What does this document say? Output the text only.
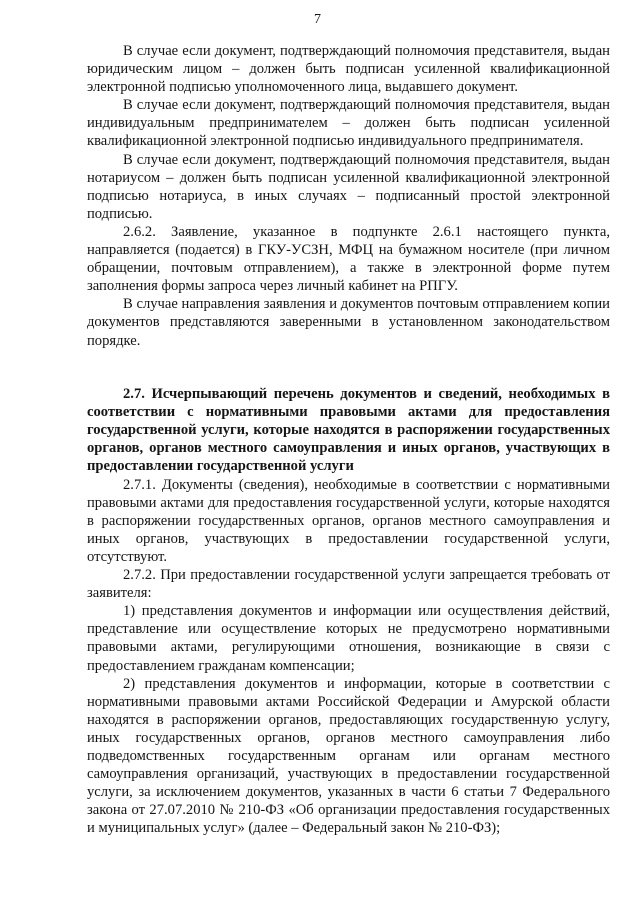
7

В случае если документ, подтверждающий полномочия представителя, выдан юридическим лицом – должен быть подписан усиленной квалификационной электронной подписью уполномоченного лица, выдавшего документ.

В случае если документ, подтверждающий полномочия представителя, выдан индивидуальным предпринимателем – должен быть подписан усиленной квалификационной электронной подписью индивидуального предпринимателя.

В случае если документ, подтверждающий полномочия представителя, выдан нотариусом – должен быть подписан усиленной квалификационной электронной подписью нотариуса, в иных случаях – подписанный простой электронной подписью.

2.6.2. Заявление, указанное в подпункте 2.6.1 настоящего пункта, направляется (подается) в ГКУ-УСЗН, МФЦ на бумажном носителе (при личном обращении, почтовым отправлением), а также в электронной форме путем заполнения формы запроса через личный кабинет на РПГУ.

В случае направления заявления и документов почтовым отправлением копии документов представляются заверенными в установленном законодательством порядке.

2.7. Исчерпывающий перечень документов и сведений, необходимых в соответствии с нормативными правовыми актами для предоставления государственной услуги, которые находятся в распоряжении государственных органов, органов местного самоуправления и иных органов, участвующих в предоставлении государственной услуги

2.7.1. Документы (сведения), необходимые в соответствии с нормативными правовыми актами для предоставления государственной услуги, которые находятся в распоряжении государственных органов, органов местного самоуправления и иных органов, участвующих в предоставлении государственной услуги, отсутствуют.

2.7.2. При предоставлении государственной услуги запрещается требовать от заявителя:

1) представления документов и информации или осуществления действий, представление или осуществление которых не предусмотрено нормативными правовыми актами, регулирующими отношения, возникающие в связи с предоставлением гражданам компенсации;

2) представления документов и информации, которые в соответствии с нормативными правовыми актами Российской Федерации и Амурской области находятся в распоряжении органов, предоставляющих государственную услугу, иных государственных органов, органов местного самоуправления либо подведомственных государственным органам или органам местного самоуправления организаций, участвующих в предоставлении государственной услуги, за исключением документов, указанных в части 6 статьи 7 Федерального закона от 27.07.2010 № 210-ФЗ «Об организации предоставления государственных и муниципальных услуг» (далее – Федеральный закон № 210-ФЗ);
